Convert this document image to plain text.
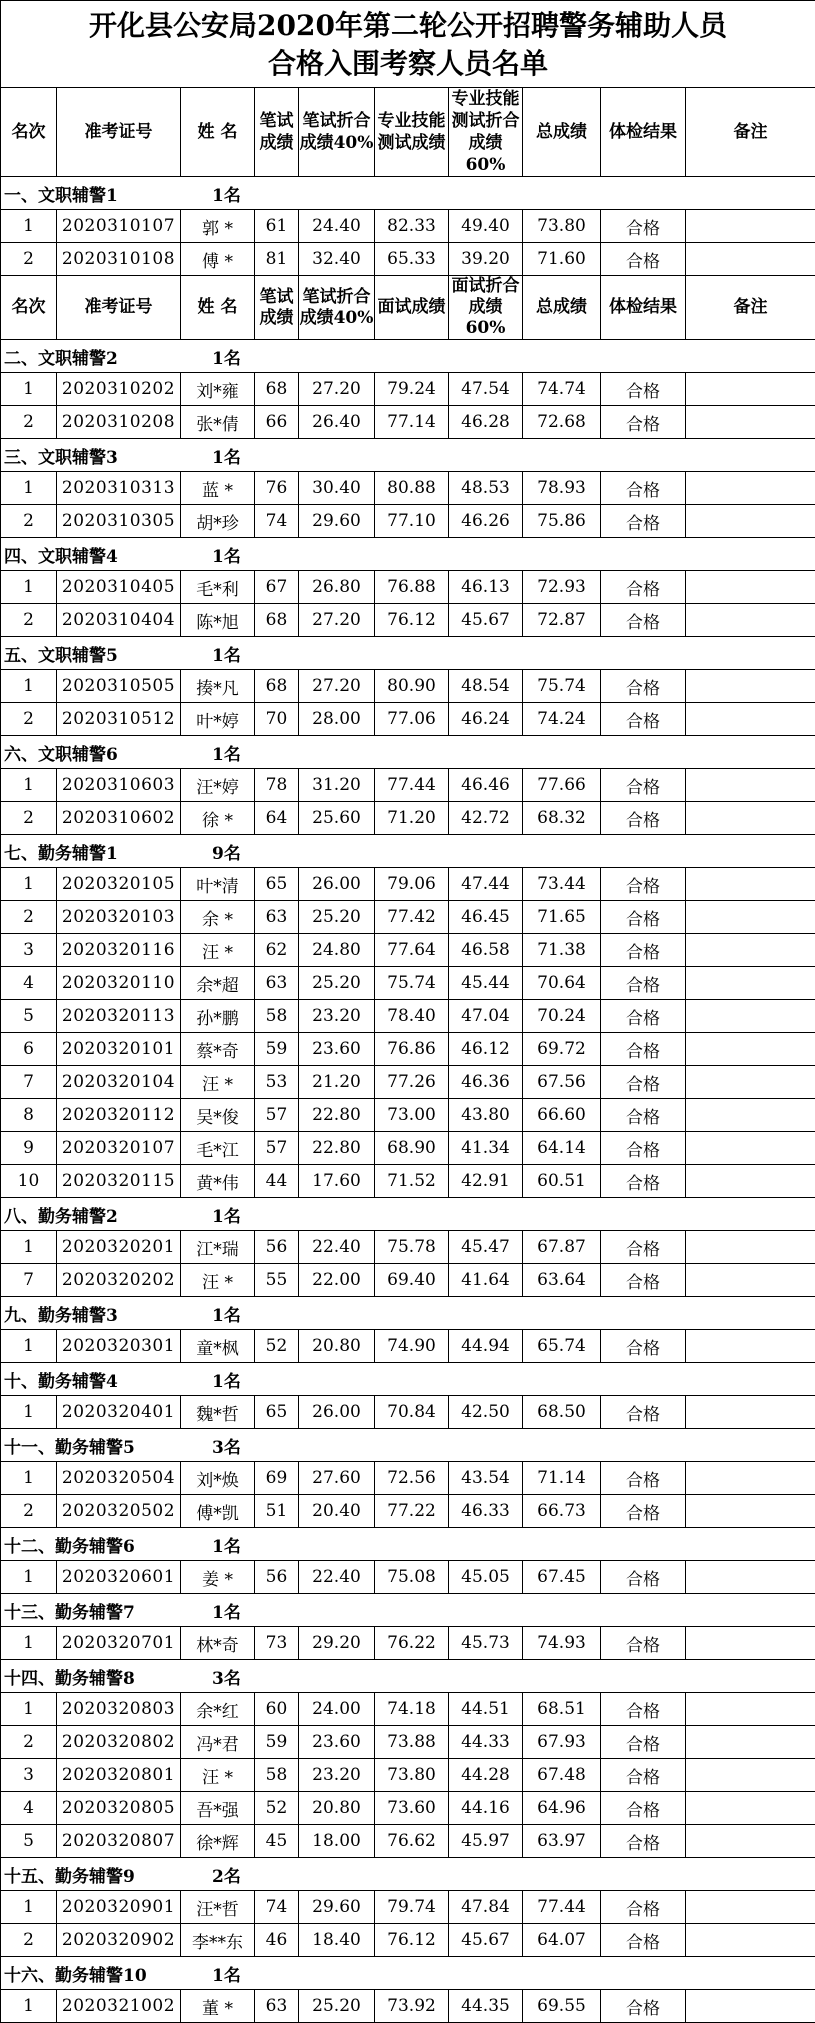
开化县公安局2020年第二轮公开招聘警务辅助人员
合格入围考察人员名单									

名次	准考证号	姓 名	笔试成绩	笔试折合成绩40%	专业技能测试成绩	专业技能测试折合成绩60%	总成绩	体检结果	备注
一、文职辅警1 1名									
1	2020310107	郭 *	61	24.40	82.33	49.40	73.80	合格	
2	2020310108	傅 *	81	32.40	65.33	39.20	71.60	合格	
名次	准考证号	姓 名	笔试成绩	笔试折合成绩40%	面试成绩	面试折合成绩60%	总成绩	体检结果	备注
二、文职辅警2 1名									
1	2020310202	刘*雍	68	27.20	79.24	47.54	74.74	合格	
2	2020310208	张*倩	66	26.40	77.14	46.28	72.68	合格	
三、文职辅警3 1名									
1	2020310313	蓝 *	76	30.40	80.88	48.53	78.93	合格	
2	2020310305	胡*珍	74	29.60	77.10	46.26	75.86	合格	
四、文职辅警4 1名									
1	2020310405	毛*利	67	26.80	76.88	46.13	72.93	合格	
2	2020310404	陈*旭	68	27.20	76.12	45.67	72.87	合格	
五、文职辅警5 1名									
1	2020310505	揍*凡	68	27.20	80.90	48.54	75.74	合格	
2	2020310512	叶*婷	70	28.00	77.06	46.24	74.24	合格	
六、文职辅警6 1名									
1	2020310603	汪*婷	78	31.20	77.44	46.46	77.66	合格	
2	2020310602	徐 *	64	25.60	71.20	42.72	68.32	合格	
七、勤务辅警1 9名									
1	2020320105	叶*清	65	26.00	79.06	47.44	73.44	合格	
2	2020320103	余 *	63	25.20	77.42	46.45	71.65	合格	
3	2020320116	汪 *	62	24.80	77.64	46.58	71.38	合格	
4	2020320110	余*超	63	25.20	75.74	45.44	70.64	合格	
5	2020320113	孙*鹏	58	23.20	78.40	47.04	70.24	合格	
6	2020320101	蔡*奇	59	23.60	76.86	46.12	69.72	合格	
7	2020320104	汪 *	53	21.20	77.26	46.36	67.56	合格	
8	2020320112	吴*俊	57	22.80	73.00	43.80	66.60	合格	
9	2020320107	毛*江	57	22.80	68.90	41.34	64.14	合格	
10	2020320115	黄*伟	44	17.60	71.52	42.91	60.51	合格	
八、勤务辅警2 1名									
1	2020320201	江*瑞	56	22.40	75.78	45.47	67.87	合格	
7	2020320202	汪 *	55	22.00	69.40	41.64	63.64	合格	
九、勤务辅警3 1名									
1	2020320301	童*枫	52	20.80	74.90	44.94	65.74	合格	
十、勤务辅警4 1名									
1	2020320401	魏*哲	65	26.00	70.84	42.50	68.50	合格	
十一、勤务辅警5 3名									
1	2020320504	刘*焕	69	27.60	72.56	43.54	71.14	合格	
2	2020320502	傅*凯	51	20.40	77.22	46.33	66.73	合格	
十二、勤务辅警6 1名									
1	2020320601	姜 *	56	22.40	75.08	45.05	67.45	合格	
十三、勤务辅警7 1名									
1	2020320701	林*奇	73	29.20	76.22	45.73	74.93	合格	
十四、勤务辅警8 3名									
1	2020320803	余*红	60	24.00	74.18	44.51	68.51	合格	
2	2020320802	冯*君	59	23.60	73.88	44.33	67.93	合格	
3	2020320801	汪 *	58	23.20	73.80	44.28	67.48	合格	
4	2020320805	吾*强	52	20.80	73.60	44.16	64.96	合格	
5	2020320807	徐*辉	45	18.00	76.62	45.97	63.97	合格	
十五、勤务辅警9 2名									
1	2020320901	汪*哲	74	29.60	79.74	47.84	77.44	合格	
2	2020320902	李**东	46	18.40	76.12	45.67	64.07	合格	
十六、勤务辅警10 1名									
1	2020321002	董 *	63	25.20	73.92	44.35	69.55	合格	
